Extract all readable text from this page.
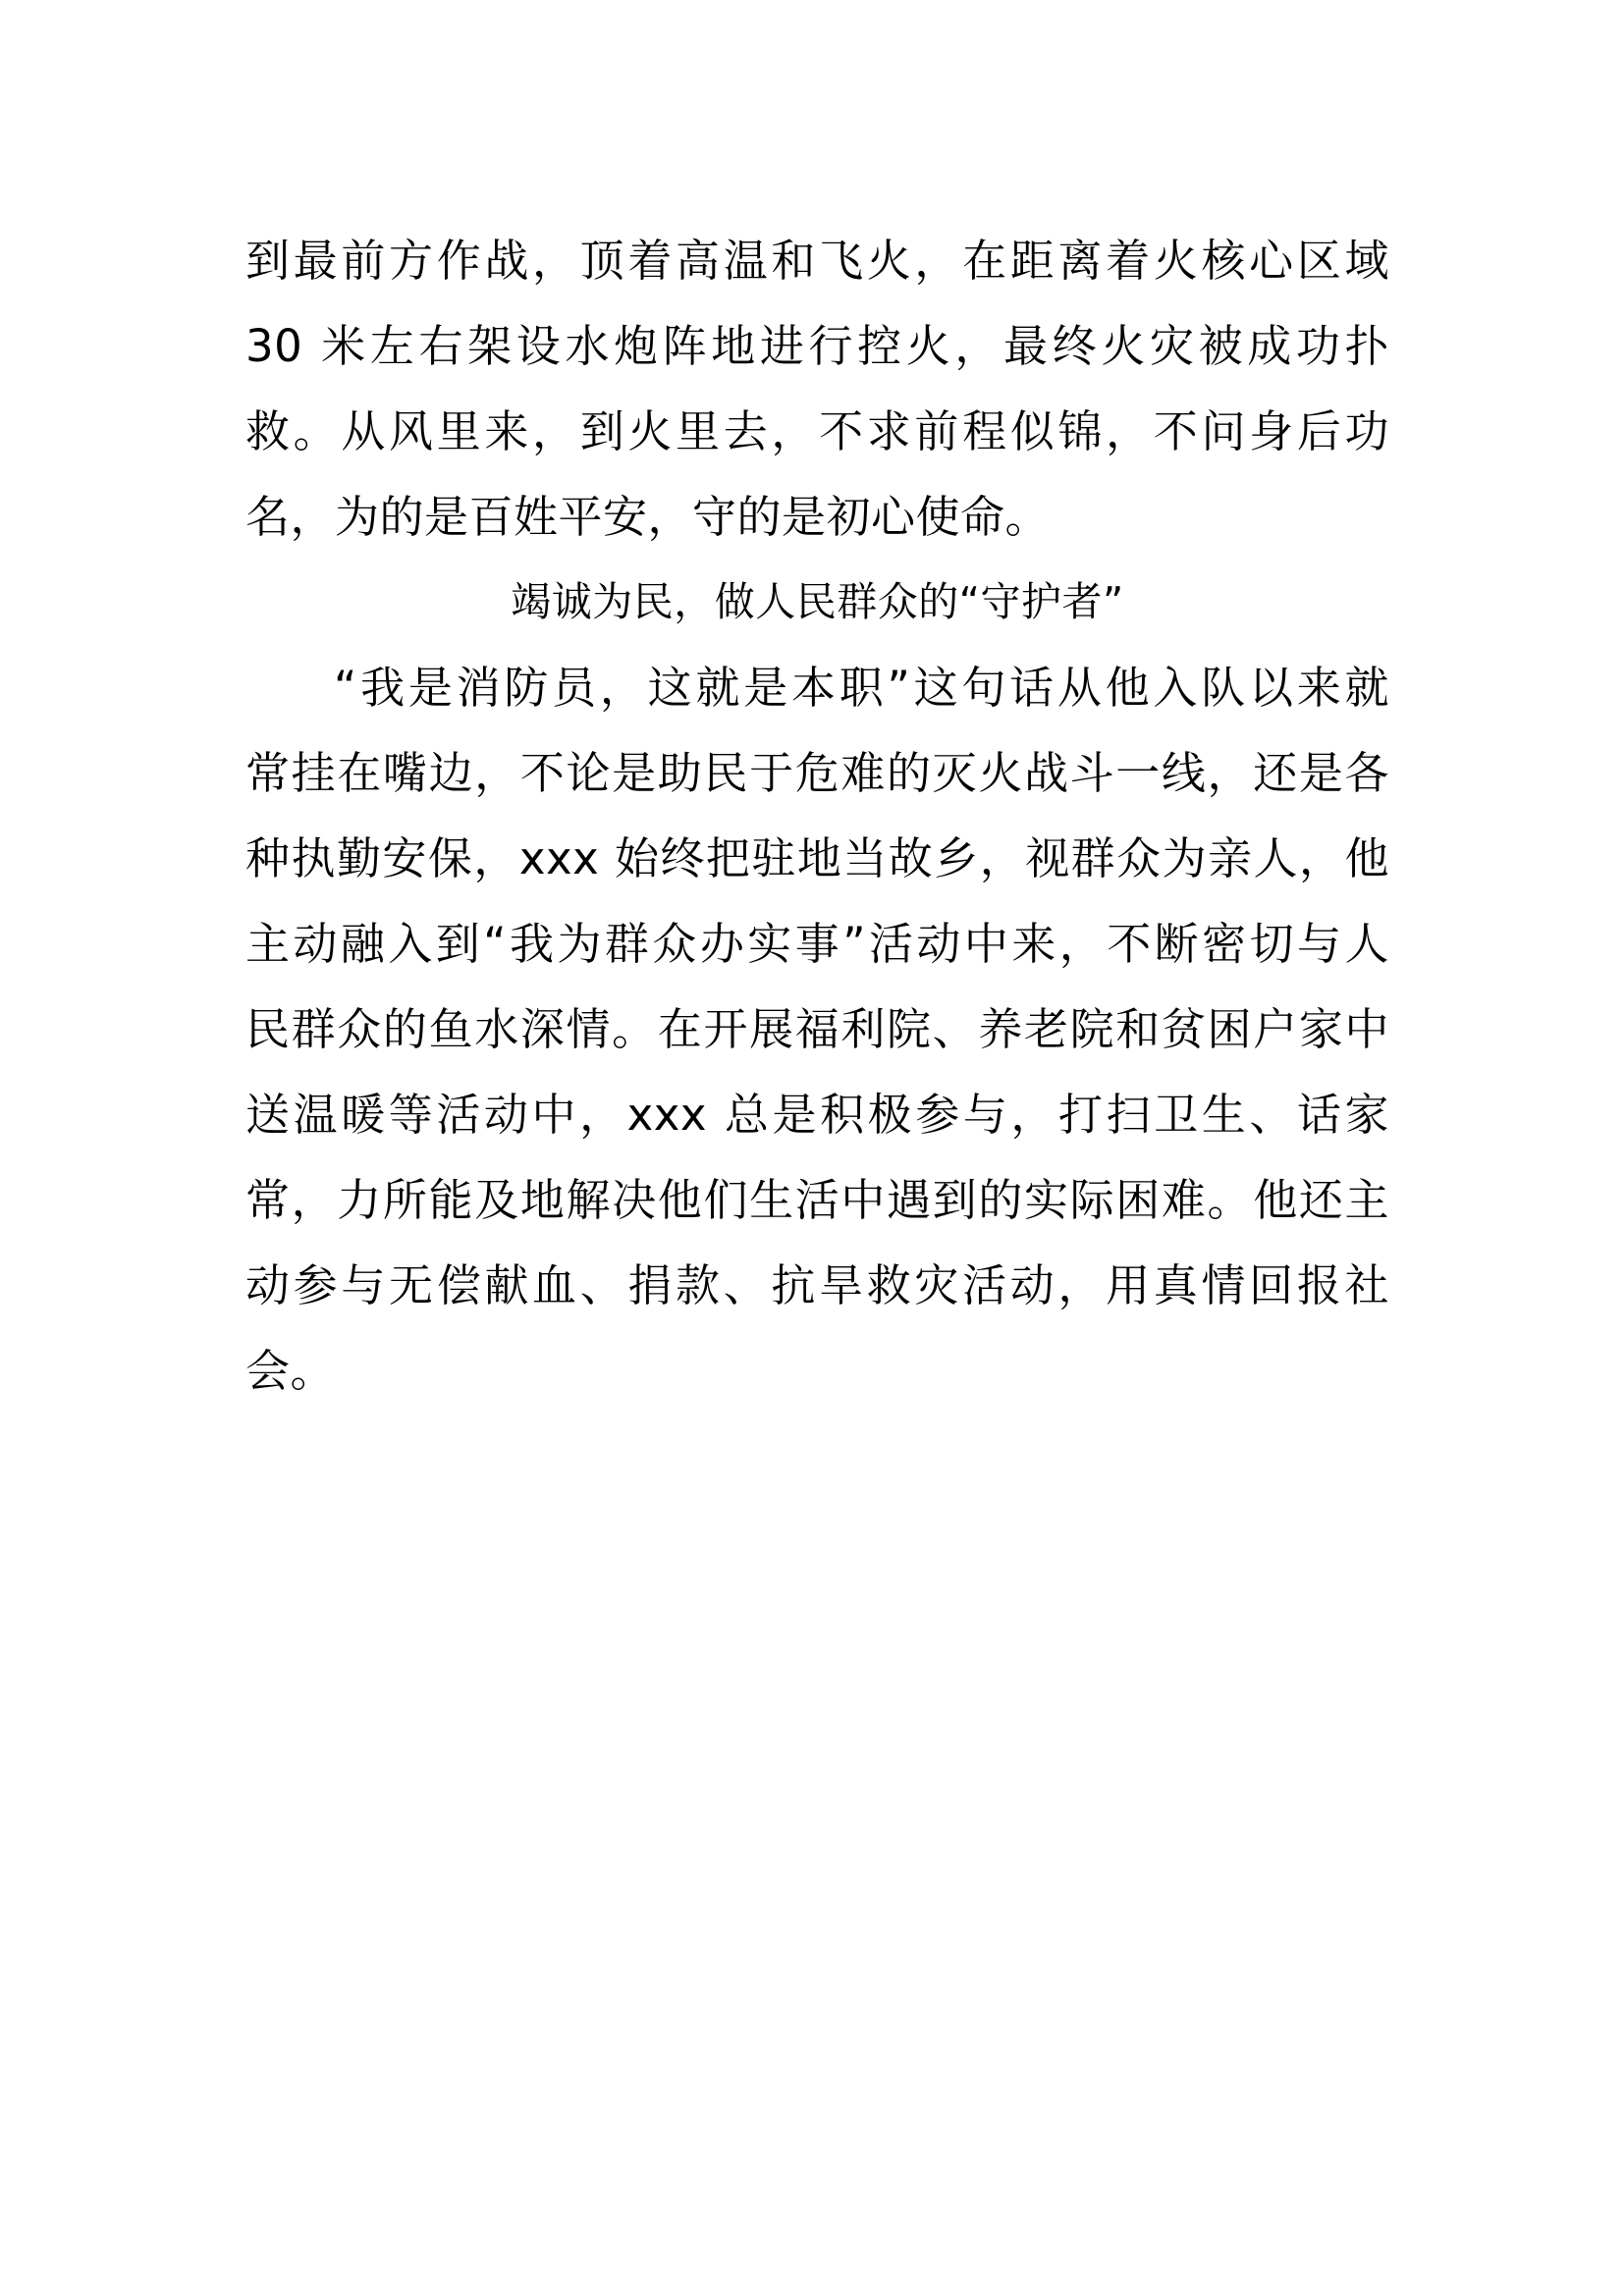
到最前方作战，顶着高温和飞火，在距离着火核心区域
30 米左右架设水炮阵地进行控火，最终火灾被成功扑
救。从风里来，到火里去，不求前程似锦，不问身后功
名，为的是百姓平安，守的是初心使命。
竭诚为民，做人民群众的“守护者”
“我是消防员，这就是本职”这句话从他入队以来就
常挂在嘴边，不论是助民于危难的灭火战斗一线，还是各
种执勤安保，xxx 始终把驻地当故乡，视群众为亲人，他
主动融入到“我为群众办实事”活动中来，不断密切与人
民群众的鱼水深情。在开展福利院、养老院和贫困户家中
送温暖等活动中，xxx 总是积极参与，打扫卫生、话家
常，力所能及地解决他们生活中遇到的实际困难。他还主
动参与无偿献血、捐款、抗旱救灾活动，用真情回报社
会。
